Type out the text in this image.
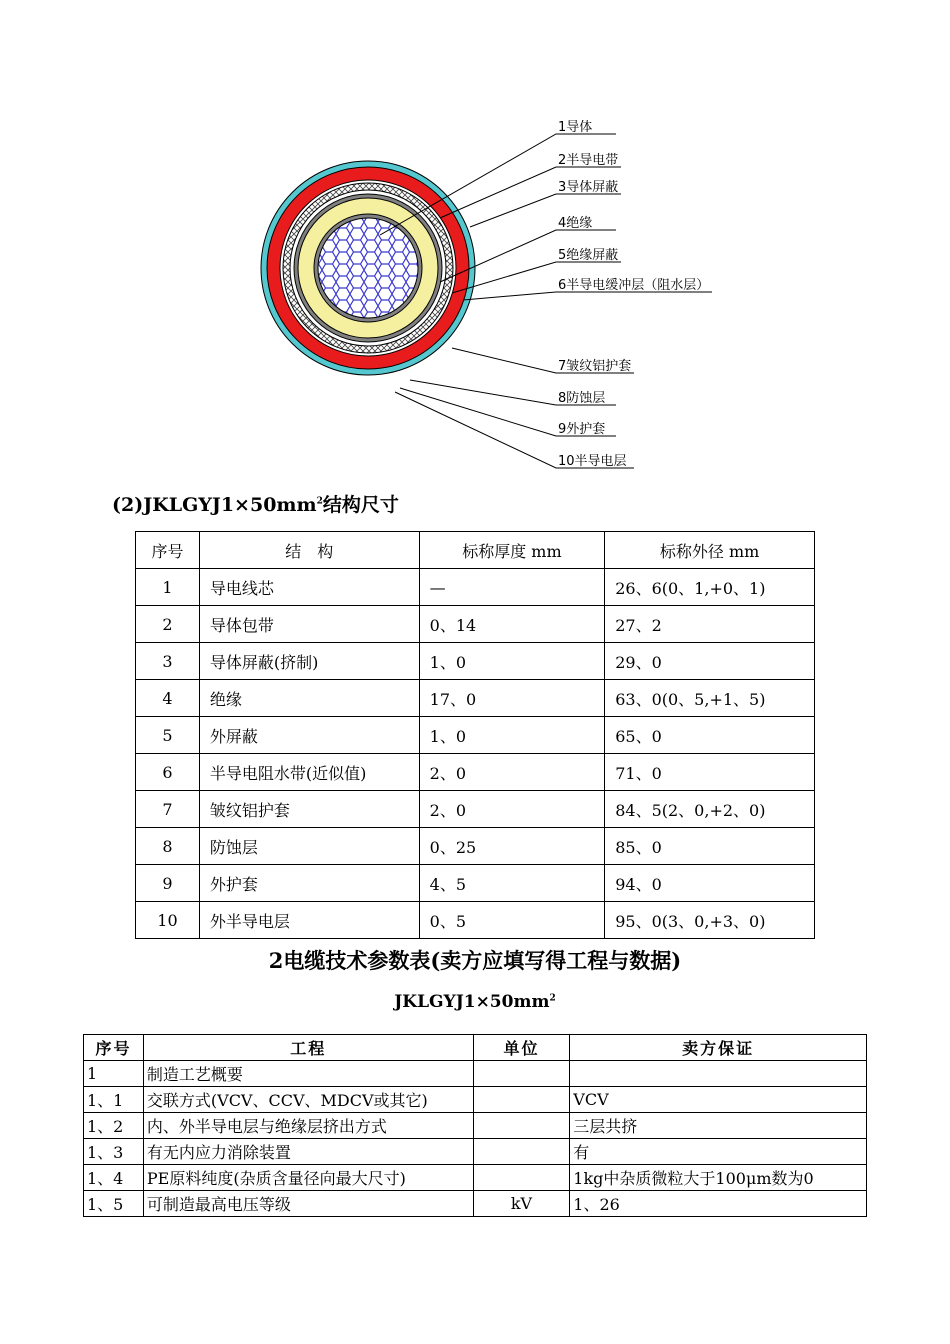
1导体
2半导电带
3导体屏蔽
4绝缘
5绝缘屏蔽
6半导电缓冲层（阻水层）
7皱纹铝护套
8防蚀层
9外护套
10半导电层
$(2)JKLGYJ1\times 50mm^2$结构尺寸
序号	结　构	标称厚度 mm	标称外径 mm
1	导电线芯	—	26、6(0、1,+0、1)
2	导体包带	0、14	27、2
3	导体屏蔽(挤制)	1、0	29、0
4	绝缘	17、0	63、0(0、5,+1、5)
5	外屏蔽	1、0	65、0
6	半导电阻水带(近似值)	2、0	71、0
7	皱纹铝护套	2、0	84、5(2、0,+2、0)
8	防蚀层	0、25	85、0
9	外护套	4、5	94、0
10	外半导电层	0、5	95、0(3、0,+3、0)
2电缆技术参数表(卖方应填写得工程与数据)
$JKLGYJ1\times 50mm^2$
序号	工程	单位	卖方保证
1	制造工艺概要		
1、1	交联方式(VCV、CCV、MDCV或其它)		VCV
1、2	内、外半导电层与绝缘层挤出方式		三层共挤
1、3	有无内应力消除装置		有
1、4	PE原料纯度(杂质含量径向最大尺寸)		1kg中杂质微粒大于100μm数为0
1、5	可制造最高电压等级	kV	1、26
